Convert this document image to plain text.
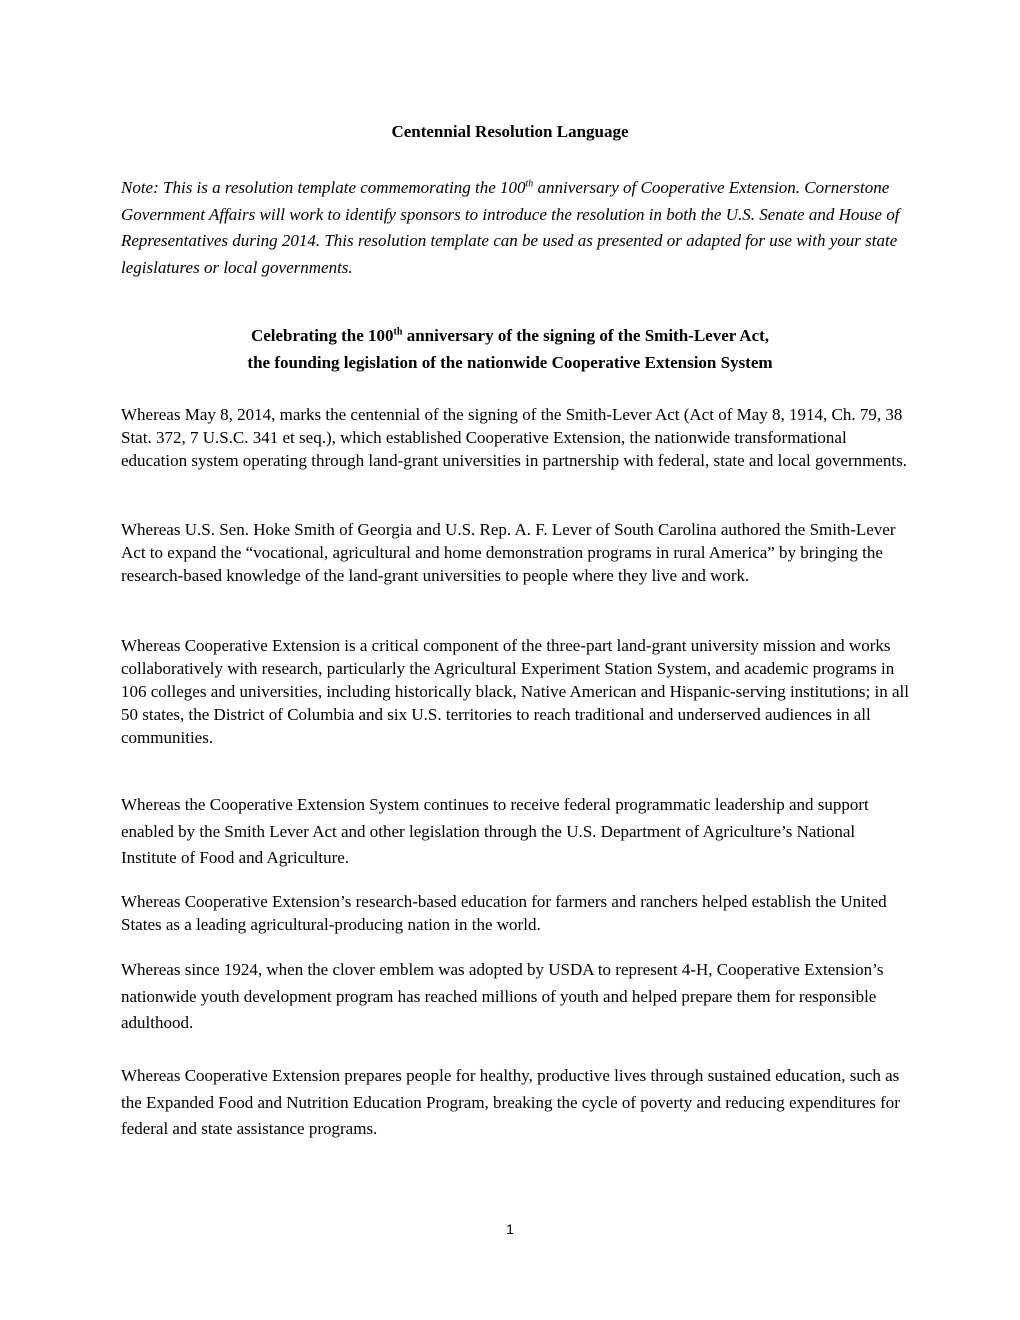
Centennial Resolution Language
Note: This is a resolution template commemorating the 100th anniversary of Cooperative Extension. Cornerstone Government Affairs will work to identify sponsors to introduce the resolution in both the U.S. Senate and House of Representatives during 2014. This resolution template can be used as presented or adapted for use with your state legislatures or local governments.
Celebrating the 100th anniversary of the signing of the Smith-Lever Act,
the founding legislation of the nationwide Cooperative Extension System

Whereas May 8, 2014, marks the centennial of the signing of the Smith-Lever Act (Act of May 8, 1914, Ch. 79, 38 Stat. 372, 7 U.S.C. 341 et seq.), which established Cooperative Extension, the nationwide transformational education system operating through land-grant universities in partnership with federal, state and local governments.

Whereas U.S. Sen. Hoke Smith of Georgia and U.S. Rep. A. F. Lever of South Carolina authored the Smith-Lever Act to expand the “vocational, agricultural and home demonstration programs in rural America” by bringing the research-based knowledge of the land-grant universities to people where they live and work.

Whereas Cooperative Extension is a critical component of the three-part land-grant university mission and works collaboratively with research, particularly the Agricultural Experiment Station System, and academic programs in 106 colleges and universities, including historically black, Native American and Hispanic-serving institutions; in all 50 states, the District of Columbia and six U.S. territories to reach traditional and underserved audiences in all communities.

Whereas the Cooperative Extension System continues to receive federal programmatic leadership and support enabled by the Smith Lever Act and other legislation through the U.S. Department of Agriculture’s National Institute of Food and Agriculture.

Whereas Cooperative Extension’s research-based education for farmers and ranchers helped establish the United States as a leading agricultural-producing nation in the world.

Whereas since 1924, when the clover emblem was adopted by USDA to represent 4-H, Cooperative Extension’s nationwide youth development program has reached millions of youth and helped prepare them for responsible adulthood.

Whereas Cooperative Extension prepares people for healthy, productive lives through sustained education, such as the Expanded Food and Nutrition Education Program, breaking the cycle of poverty and reducing expenditures for federal and state assistance programs.

1
